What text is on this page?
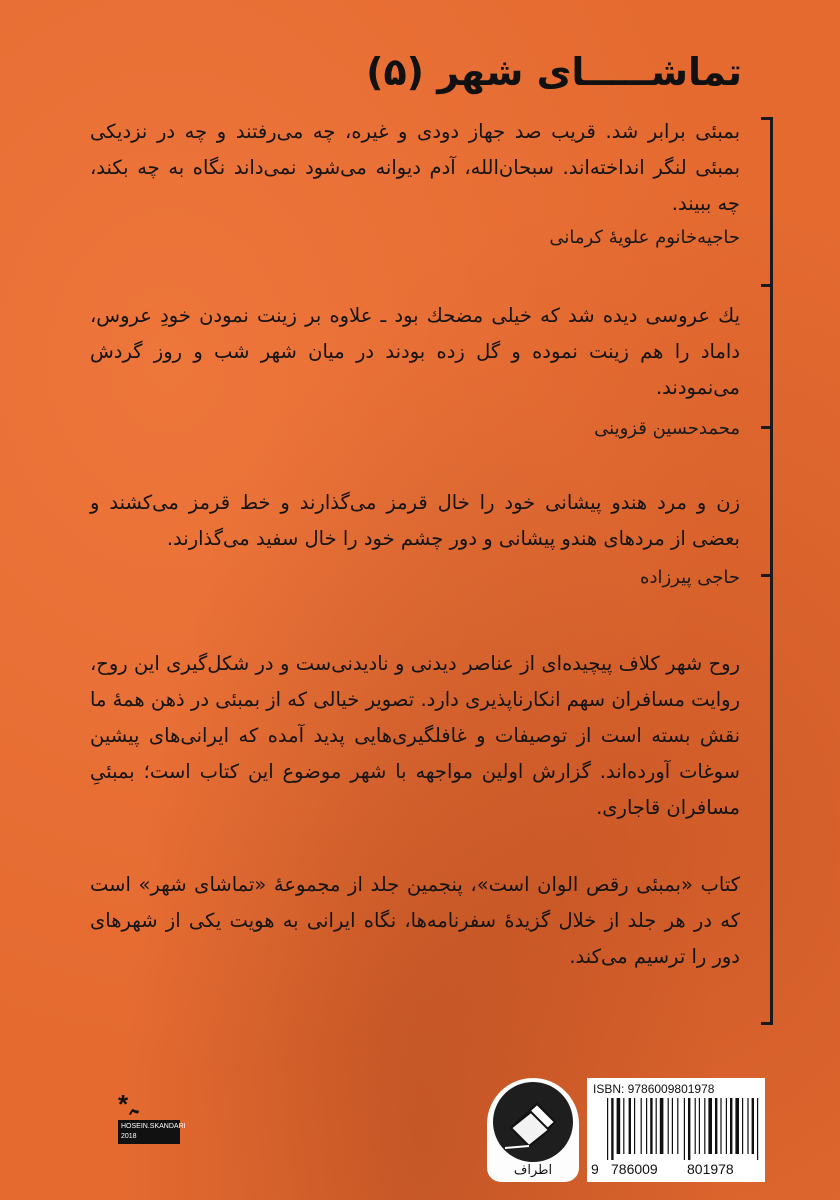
تماشـــــای شهر (۵)
بمبئی برابر شد. قریب صد جهاز دودی و غیره، چه می‌رفتند و چه در نزدیکی بمبئی لنگر انداخته‌اند. سبحان‌الله، آدم دیوانه می‌شود نمی‌داند نگاه به چه بکند، چه ببیند.
حاجیه‌خانوم علویهٔ کرمانی
یك عروسی دیده شد که خیلی مضحك بود ـ علاوه بر زینت نمودن خودِ عروس، داماد را هم زینت نموده و گل زده بودند در میان شهر شب و روز گردش می‌نمودند.
محمدحسین قزوینی
زن و مرد هندو پیشانی خود را خال قرمز می‌گذارند و خط قرمز می‌کشند و بعضی از مردهای هندو پیشانی و دور چشم خود را خال سفید می‌گذارند.
حاجی پیرزاده
روح شهر کلاف پیچیده‌ای از عناصر دیدنی و نادیدنی‌ست و در شکل‌گیری این روح، روایت مسافران سهم انکارناپذیری دارد. تصویر خیالی که از بمبئی در ذهن همهٔ ما نقش بسته است از توصیفات و غافلگیری‌هایی پدید آمده که ایرانی‌های پیشین سوغات آورده‌اند. گزارش اولین مواجهه با شهر موضوع این کتاب است؛ بمبئیِ مسافران قاجاری.
کتاب «بمبئی رقص الوان است»، پنجمین جلد از مجموعهٔ «تماشای شهر» است که در هر جلد از خلال گزیدهٔ سفرنامه‌ها، نگاه ایرانی به هویت یکی از شهرهای دور را ترسیم می‌کند.
*ﮧ
HOSEIN.SKANDARI
2018
اطراف
ISBN: 9786009801978
9 786009 801978
